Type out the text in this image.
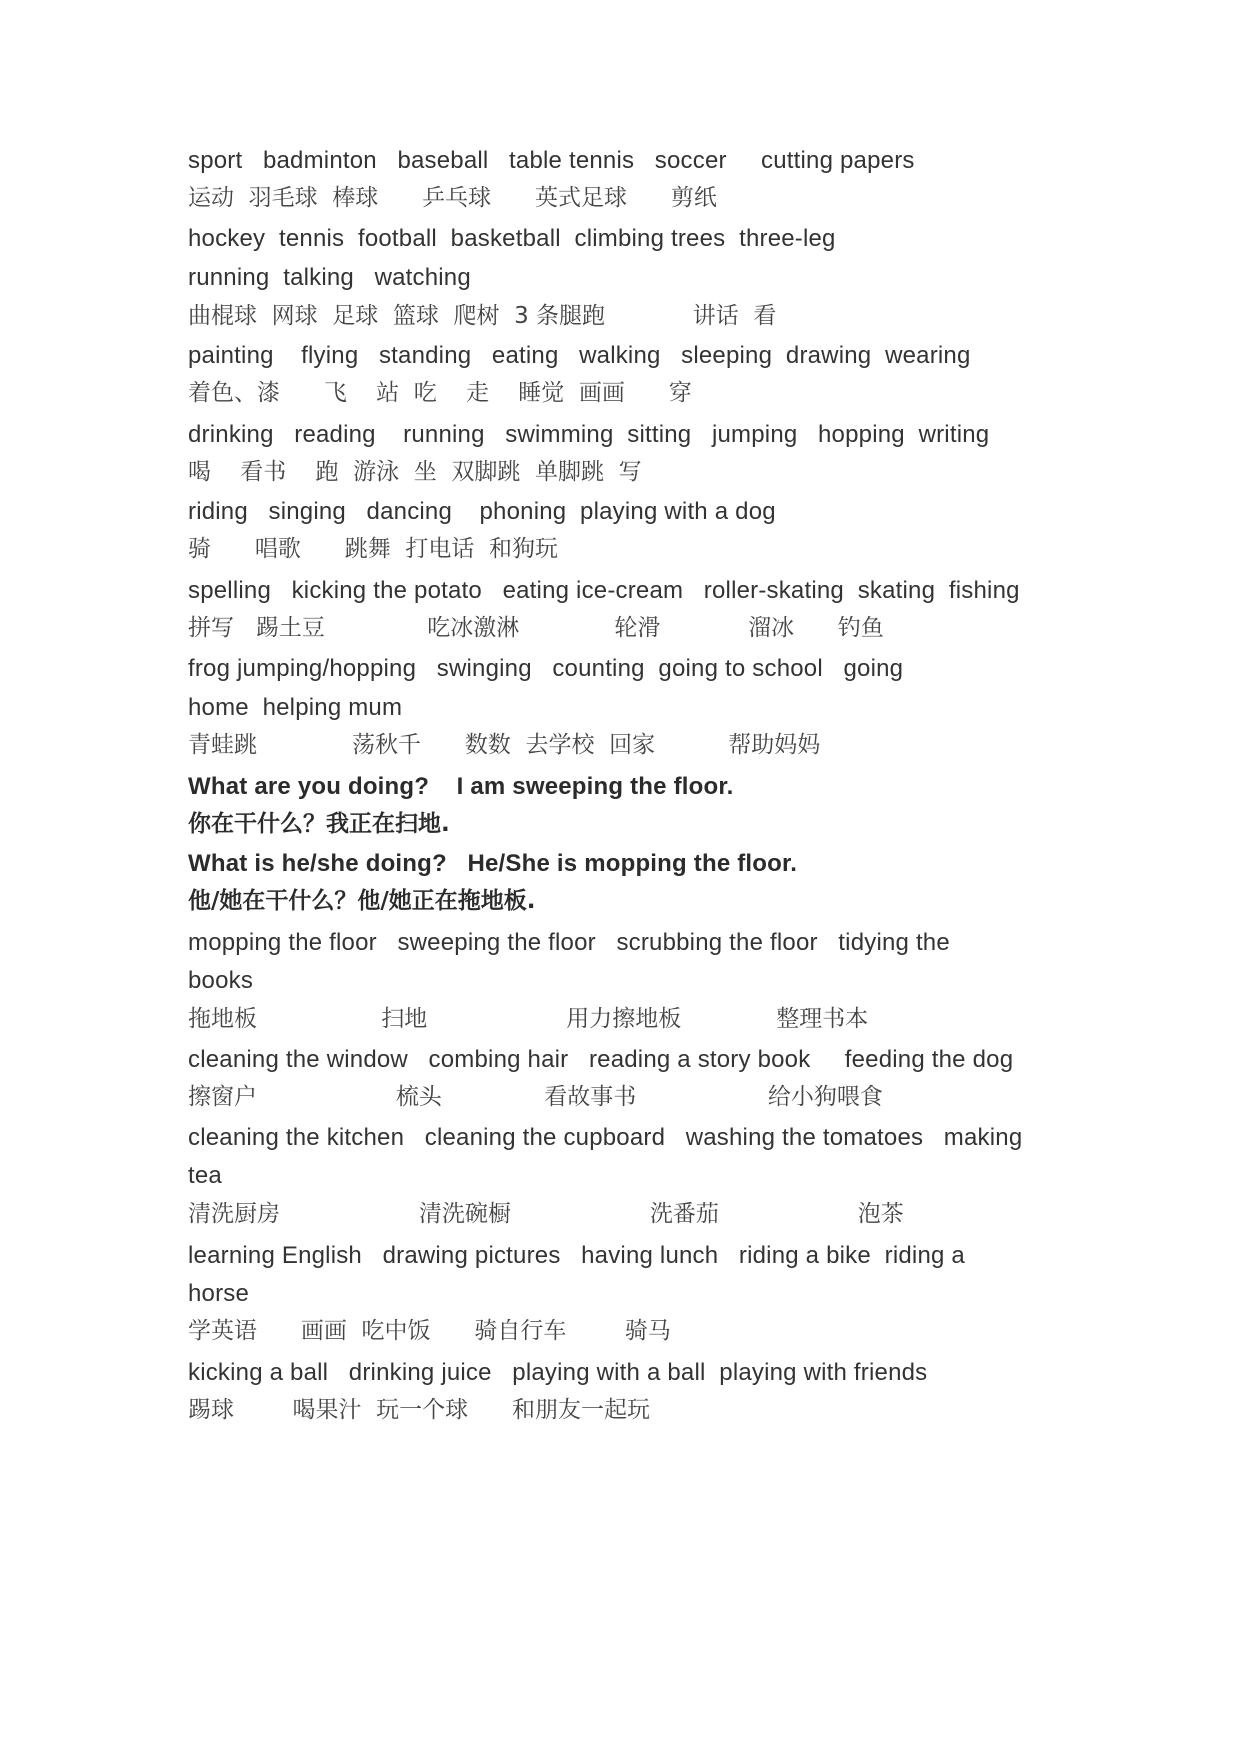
sport   badminton   baseball   table tennis   soccer     cutting papers

运动  羽毛球  棒球      乒乓球      英式足球      剪纸

hockey  tennis  football  basketball  climbing trees  three-leg

running  talking   watching

曲棍球  网球  足球  篮球  爬树  3 条腿跑            讲话  看

painting    flying   standing   eating   walking   sleeping  drawing  wearing

着色、漆      飞    站  吃    走    睡觉  画画      穿

drinking   reading    running   swimming  sitting   jumping   hopping  writing

喝    看书    跑  游泳  坐  双脚跳  单脚跳  写

riding   singing   dancing    phoning  playing with a dog

骑      唱歌      跳舞  打电话  和狗玩

spelling   kicking the potato   eating ice-cream   roller-skating  skating  fishing

拼写   踢土豆              吃冰激淋             轮滑            溜冰      钓鱼

frog jumping/hopping   swinging   counting  going to school   going

home  helping mum

青蛙跳             荡秋千      数数  去学校  回家          帮助妈妈

What are you doing?    I am sweeping the floor.

你在干什么？我正在扫地.

What is he/she doing?   He/She is mopping the floor.

他/她在干什么？他/她正在拖地板.

mopping the floor   sweeping the floor   scrubbing the floor   tidying the

books

拖地板                 扫地                   用力擦地板             整理书本

cleaning the window   combing hair   reading a story book     feeding the dog

擦窗户                   梳头              看故事书                  给小狗喂食

cleaning the kitchen   cleaning the cupboard   washing the tomatoes   making

tea

清洗厨房                   清洗碗橱                   洗番茄                   泡茶

learning English   drawing pictures   having lunch   riding a bike  riding a

horse

学英语      画画  吃中饭      骑自行车        骑马

kicking a ball   drinking juice   playing with a ball  playing with friends

踢球        喝果汁  玩一个球      和朋友一起玩
